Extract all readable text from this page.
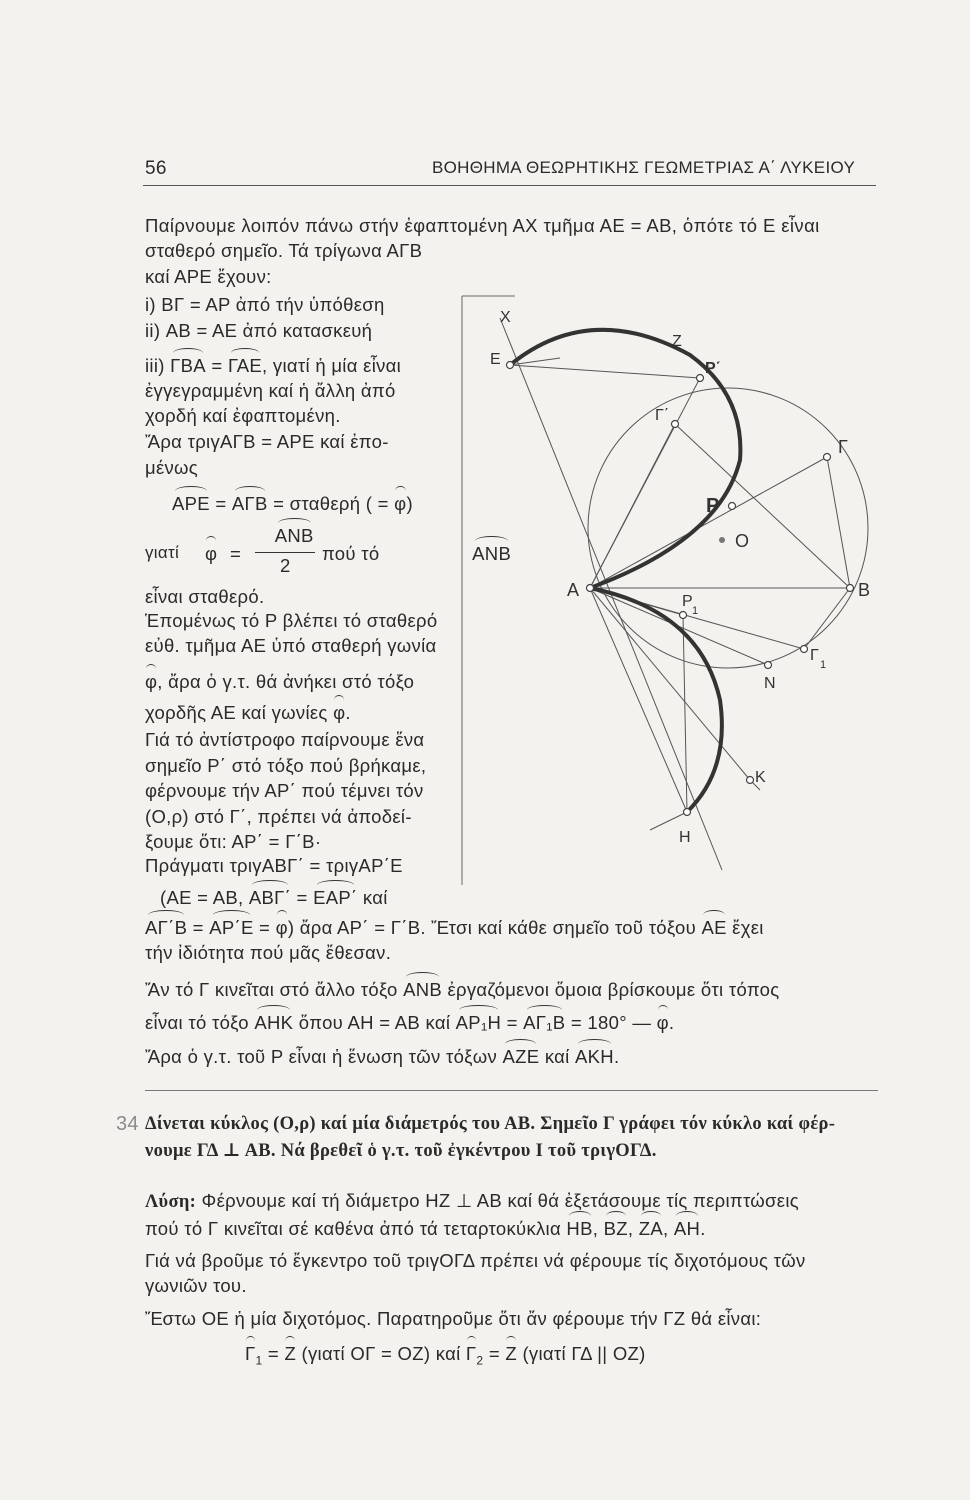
56	ΒΟΗΘΗΜΑ ΘΕΩΡΗΤΙΚΗΣ ΓΕΩΜΕΤΡΙΑΣ Α΄ ΛΥΚΕΙΟΥ
Παίρνουμε λοιπόν πάνω στήν ἐφαπτομένη ΑΧ τμῆμα ΑΕ = ΑΒ, ὁπότε τό Ε εἶναι
σταθερό σημεῖο. Τά τρίγωνα ΑΓΒ
καί ΑΡΕ ἔχουν:
i) ΒΓ = ΑΡ ἀπό τήν ὑπόθεση
ii) ΑΒ = ΑΕ ἀπό κατασκευή
iii) ΓΒΑ = ΓΑΕ, γιατί ἡ μία εἶναι
ἐγγεγραμμένη καί ἡ ἄλλη ἀπό
χορδή καί ἐφαπτομένη.
Ἄρα τριγΑΓΒ = ΑΡΕ καί ἐπο-
μένως
ΑΡΕ = ΑΓΒ = σταθερή ( = φ)
γιατί φ =
ΑΝΒ
2
πού τό	ΑΝΒ
εἶναι σταθερό.
Ἑπομένως τό Ρ βλέπει τό σταθερό
εὐθ. τμῆμα ΑΕ ὑπό σταθερή γωνία
φ, ἄρα ὁ γ.τ. θά ἀνήκει στό τόξο
χορδῆς ΑΕ καί γωνίες φ.
Γιά τό ἀντίστροφο παίρνουμε ἕνα
σημεῖο Ρ΄ στό τόξο πού βρήκαμε,
φέρνουμε τήν ΑΡ΄ πού τέμνει τόν
(Ο,ρ) στό Γ΄, πρέπει νά ἀποδεί-
ξουμε ὅτι: ΑΡ΄ = Γ΄Β·
Πράγματι τριγΑΒΓ΄ = τριγΑΡ΄Ε
(ΑΕ = ΑΒ, ΑΒΓ΄ = ΕΑΡ΄ καί
ΑΓ΄Β = ΑΡ΄Ε = φ) ἄρα ΑΡ΄ = Γ΄Β. Ἔτσι καί κάθε σημεῖο τοῦ τόξου ΑΕ ἔχει
τήν ἰδιότητα πού μᾶς ἔθεσαν.
Ἄν τό Γ κινεῖται στό ἄλλο τόξο ΑΝΒ ἐργαζόμενοι ὅμοια βρίσκουμε ὅτι τόπος
εἶναι τό τόξο ΑΗΚ ὅπου ΑΗ = ΑΒ καί ΑΡ₁Η = ΑΓ₁Β = 180° — φ.
Ἄρα ὁ γ.τ. τοῦ Ρ εἶναι ἡ ἕνωση τῶν τόξων ΑΖΕ καί ΑΚΗ.
34 Δίνεται κύκλος (Ο,ρ) καί μία διάμετρός του ΑΒ. Σημεῖο Γ γράφει τόν κύκλο καί φέρ-
νουμε ΓΔ ⊥ ΑΒ. Νά βρεθεῖ ὁ γ.τ. τοῦ ἐγκέντρου Ι τοῦ τριγΟΓΔ.
Λύση: Φέρνουμε καί τή διάμετρο ΗΖ ⊥ ΑΒ καί θά ἐξετάσουμε τίς περιπτώσεις
πού τό Γ κινεῖται σέ καθένα ἀπό τά τεταρτοκύκλια ΗΒ, ΒΖ, ΖΑ, ΑΗ.
Γιά νά βροῦμε τό ἔγκεντρο τοῦ τριγΟΓΔ πρέπει νά φέρουμε τίς διχοτόμους τῶν
γωνιῶν του.
Ἔστω ΟΕ ἡ μία διχοτόμος. Παρατηροῦμε ὅτι ἄν φέρουμε τήν ΓΖ θά εἶναι:
$\Gamma_1 = Z$ (γιατί ΟΓ = ΟΖ) καί $\Gamma_2 = Z$ (γιατί ΓΔ || ΟΖ)
Χ
Ε
Ζ
Ρ΄
Γ΄
Γ
Ρ
Ο
Α	Β
Ρ
1
Γ
1
Ν
Κ
Η
